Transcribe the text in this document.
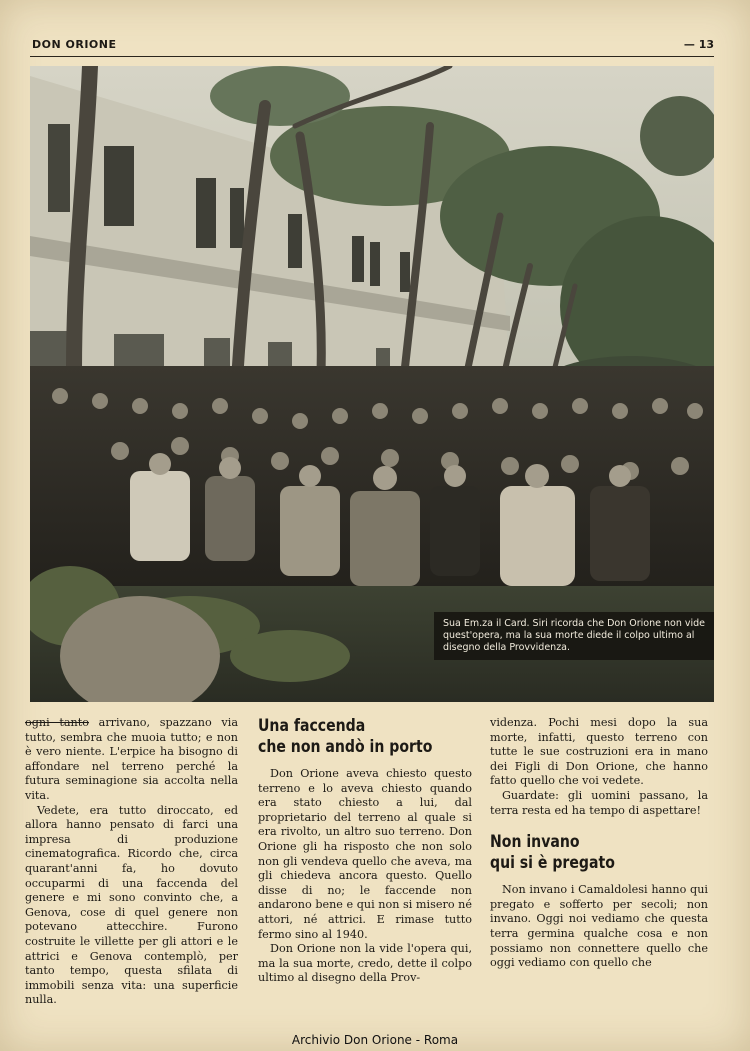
DON ORIONE	— 13
Sua Em.za il Card. Siri ricorda che Don Orione non vide quest'opera, ma la sua morte diede il colpo ultimo al disegno della Provvidenza.

ogni tanto arrivano, spazzano via tutto, sembra che muoia tutto; e non è vero niente. L'erpice ha bisogno di affondare nel terreno perché la futura seminagione sia accolta nella vita.

Vedete, era tutto diroccato, ed allora hanno pensato di farci una impresa di produzione cinematografica. Ricordo che, circa quarant'anni fa, ho dovuto occuparmi di una faccenda del genere e mi sono convinto che, a Genova, cose di quel genere non potevano attecchire. Furono costruite le villette per gli attori e le attrici e Genova contemplò, per tanto tempo, questa sfilata di immobili senza vita: una superficie nulla.

Una faccenda
che non andò in porto

Don Orione aveva chiesto questo terreno e lo aveva chiesto quando era stato chiesto a lui, dal proprietario del terreno al quale si era rivolto, un altro suo terreno. Don Orione gli ha risposto che non solo non gli vendeva quello che aveva, ma gli chiedeva ancora questo. Quello disse di no; le faccende non andarono bene e qui non si misero né attori, né attrici. E rimase tutto fermo sino al 1940.

Don Orione non la vide l'opera qui, ma la sua morte, credo, dette il colpo ultimo al disegno della Prov-

videnza. Pochi mesi dopo la sua morte, infatti, questo terreno con tutte le sue costruzioni era in mano dei Figli di Don Orione, che hanno fatto quello che voi vedete.

Guardate: gli uomini passano, la terra resta ed ha tempo di aspettare!

Non invano
qui si è pregato

Non invano i Camaldolesi hanno qui pregato e sofferto per secoli; non invano. Oggi noi vediamo che questa terra germina qualche cosa e non possiamo non connettere quello che oggi vediamo con quello che

Archivio Don Orione - Roma
